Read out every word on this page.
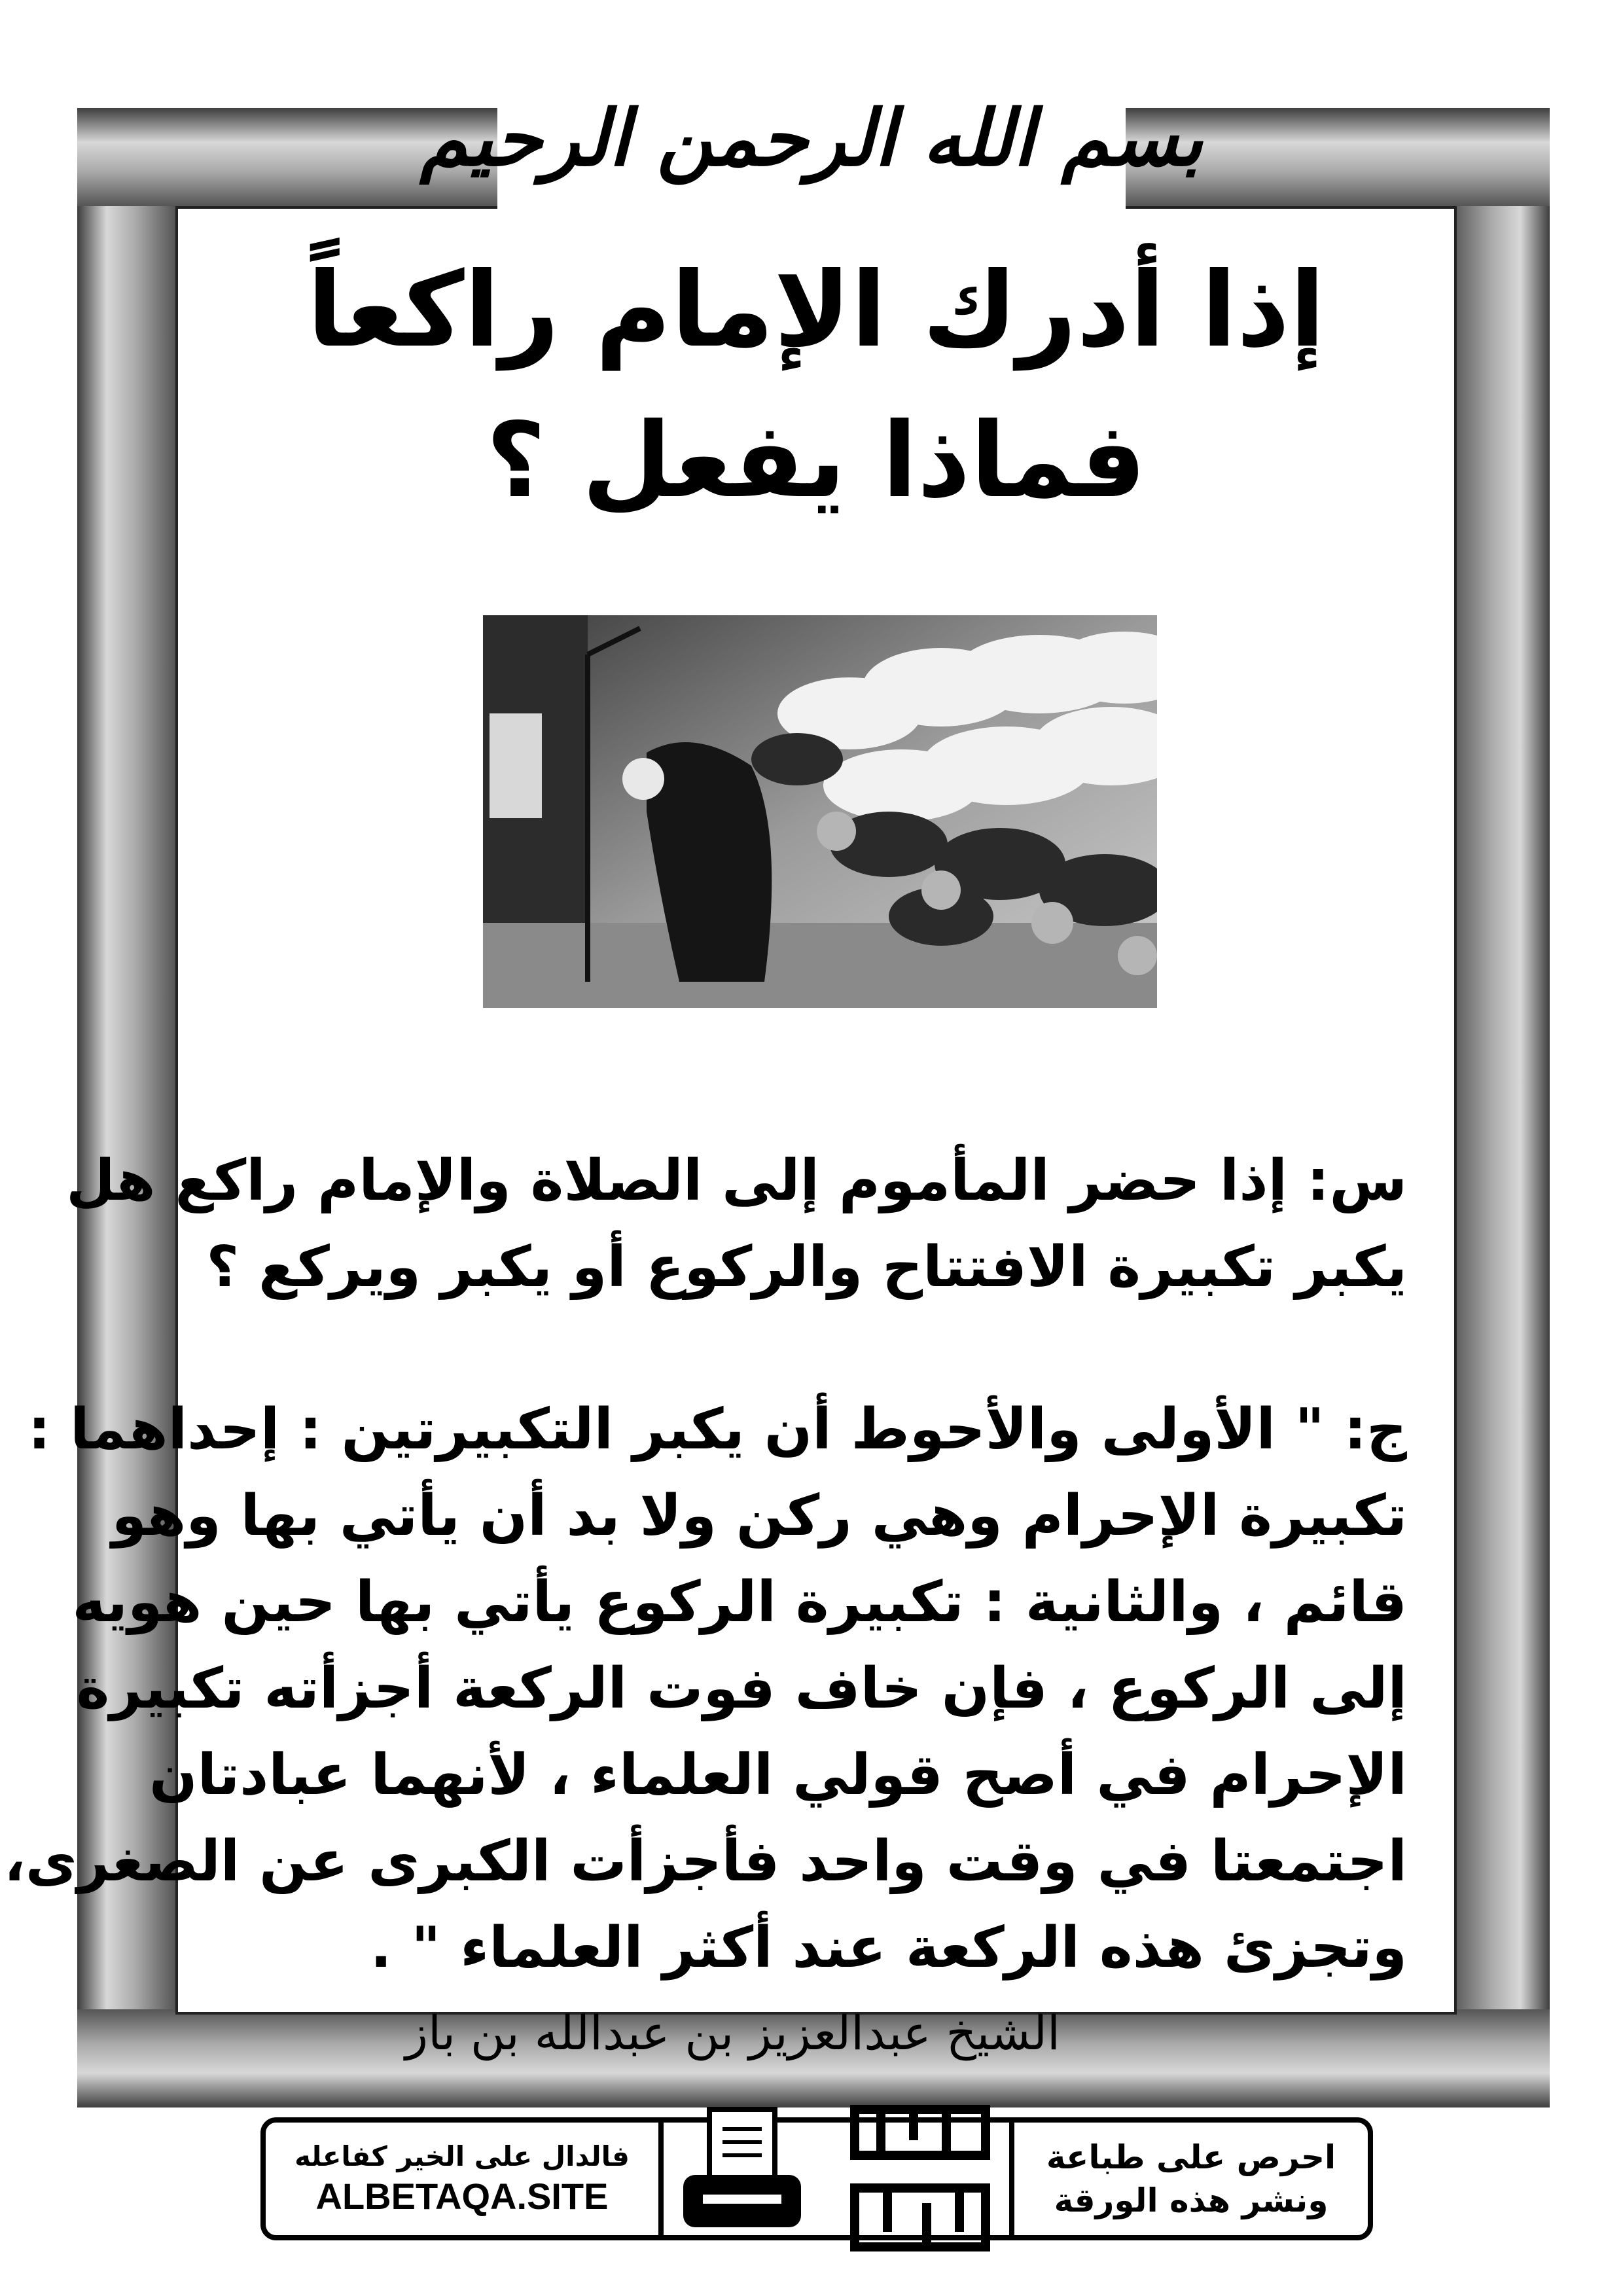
بسم الله الرحمن الرحيم
إذا أدرك الإمام راكعاً
فماذا يفعل ؟
س: إذا حضر المأموم إلى الصلاة والإمام راكع هل
يكبر تكبيرة الافتتاح والركوع أو يكبر ويركع ؟
ج: " الأولى والأحوط أن يكبر التكبيرتين : إحداهما :
تكبيرة الإحرام وهي ركن ولا بد أن يأتي بها وهو
قائم ، والثانية : تكبيرة الركوع يأتي بها حين هويه
إلى الركوع ، فإن خاف فوت الركعة أجزأته تكبيرة
الإحرام في أصح قولي العلماء ، لأنهما عبادتان
اجتمعتا في وقت واحد فأجزأت الكبرى عن الصغرى،
وتجزئ هذه الركعة عند أكثر العلماء " .
الشيخ عبدالعزيز بن عبدالله بن باز
فالدال على الخير كفاعله
ALBETAQA.SITE
احرص على طباعة
ونشر هذه الورقة
